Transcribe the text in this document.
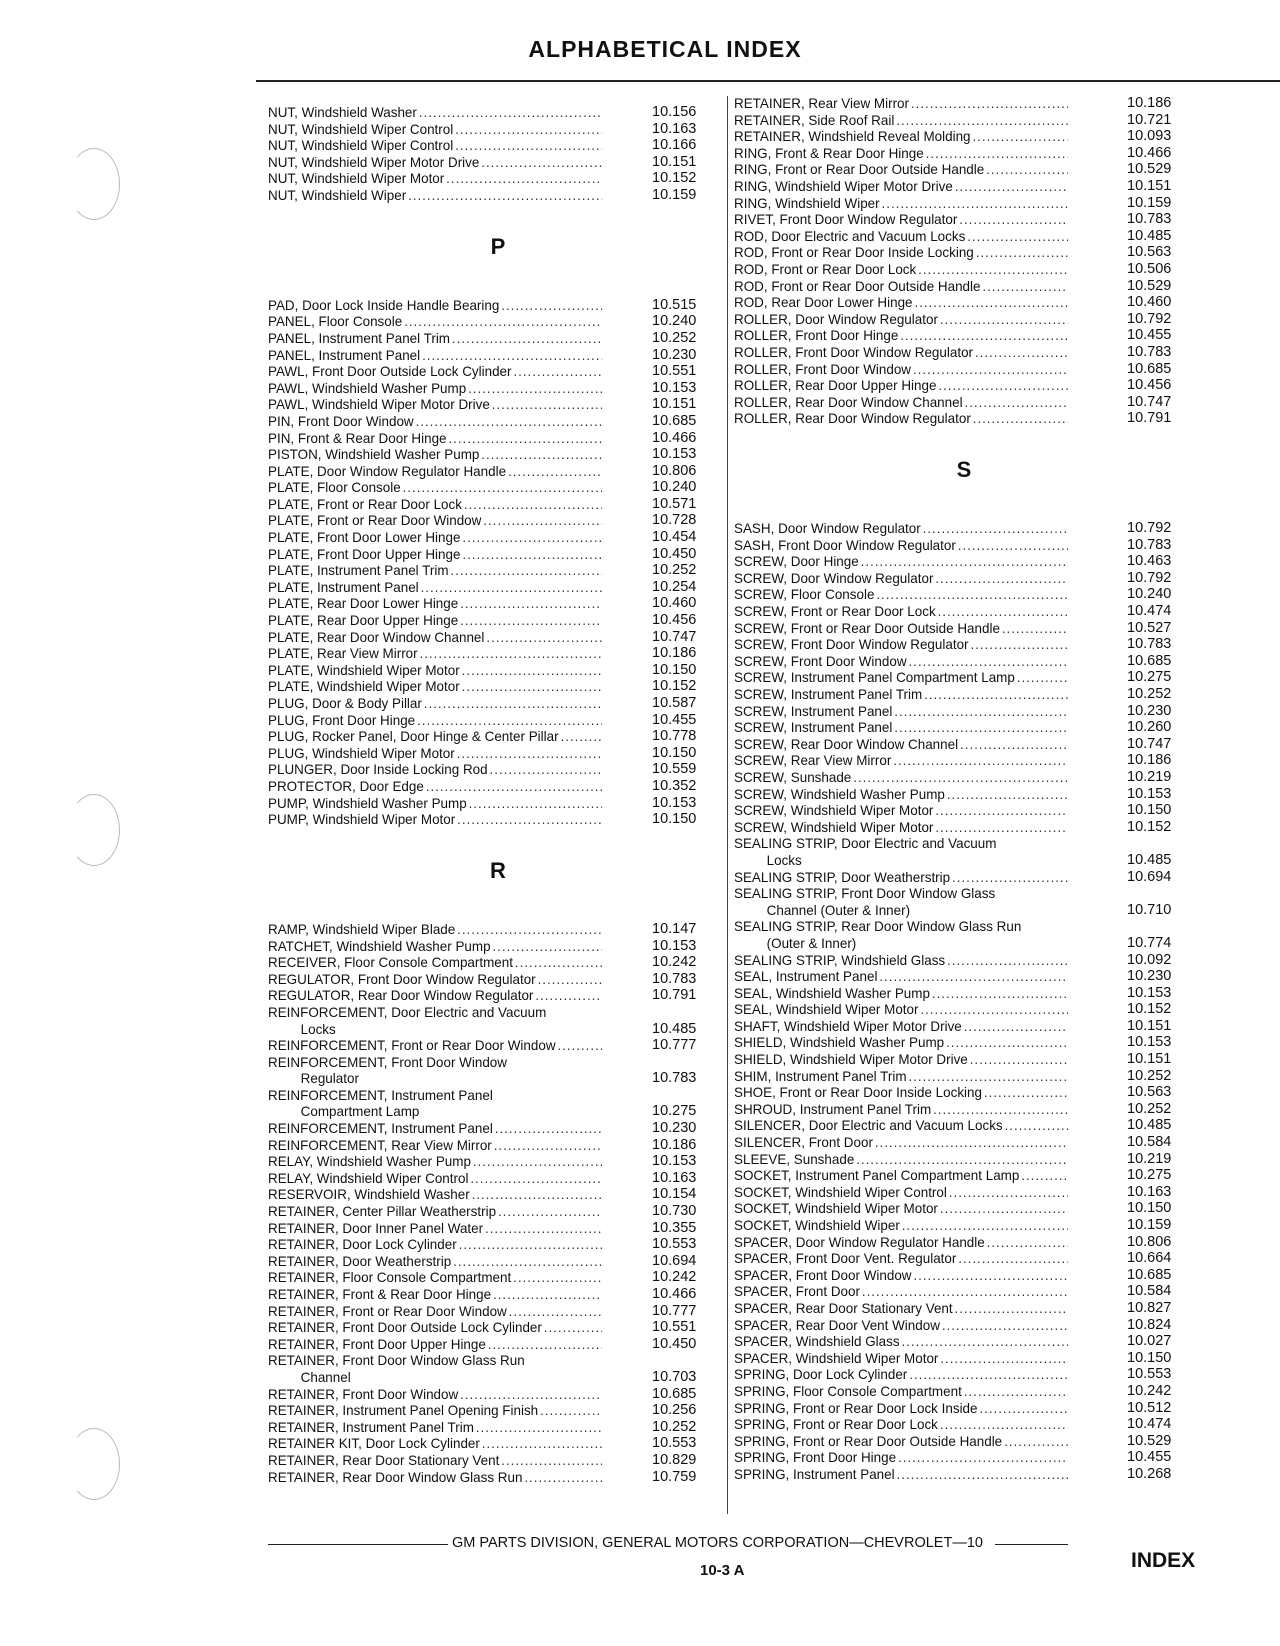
ALPHABETICAL INDEX
NUT, Windshield Washer .....	10.156
NUT, Windshield Wiper Control .....	10.163
NUT, Windshield Wiper Control .....	10.166
NUT, Windshield Wiper Motor Drive .....	10.151
NUT, Windshield Wiper Motor .....	10.152
NUT, Windshield Wiper .....	10.159
P
PAD, Door Lock Inside Handle Bearing .....	10.515
PANEL, Floor Console .....	10.240
PANEL, Instrument Panel Trim .....	10.252
PANEL, Instrument Panel .....	10.230
PAWL, Front Door Outside Lock Cylinder .....	10.551
PAWL, Windshield Washer Pump .....	10.153
PAWL, Windshield Wiper Motor Drive .....	10.151
PIN, Front Door Window .....	10.685
PIN, Front & Rear Door Hinge .....	10.466
PISTON, Windshield Washer Pump .....	10.153
PLATE, Door Window Regulator Handle .....	10.806
PLATE, Floor Console .....	10.240
PLATE, Front or Rear Door Lock .....	10.571
PLATE, Front or Rear Door Window .....	10.728
PLATE, Front Door Lower Hinge .....	10.454
PLATE, Front Door Upper Hinge .....	10.450
PLATE, Instrument Panel Trim .....	10.252
PLATE, Instrument Panel .....	10.254
PLATE, Rear Door Lower Hinge .....	10.460
PLATE, Rear Door Upper Hinge .....	10.456
PLATE, Rear Door Window Channel .....	10.747
PLATE, Rear View Mirror .....	10.186
PLATE, Windshield Wiper Motor .....	10.150
PLATE, Windshield Wiper Motor .....	10.152
PLUG, Door & Body Pillar .....	10.587
PLUG, Front Door Hinge .....	10.455
PLUG, Rocker Panel, Door Hinge & Center Pillar .....	10.778
PLUG, Windshield Wiper Motor .....	10.150
PLUNGER, Door Inside Locking Rod .....	10.559
PROTECTOR, Door Edge .....	10.352
PUMP, Windshield Washer Pump .....	10.153
PUMP, Windshield Wiper Motor .....	10.150
R
RAMP, Windshield Wiper Blade .....	10.147
RATCHET, Windshield Washer Pump .....	10.153
RECEIVER, Floor Console Compartment .....	10.242
REGULATOR, Front Door Window Regulator .....	10.783
REGULATOR, Rear Door Window Regulator .....	10.791
REINFORCEMENT, Door Electric and Vacuum
Locks
.....	10.485
REINFORCEMENT, Front or Rear Door Window .....	10.777
REINFORCEMENT, Front Door Window
Regulator
.....	10.783
REINFORCEMENT, Instrument Panel
Compartment Lamp
.....	10.275
REINFORCEMENT, Instrument Panel .....	10.230
REINFORCEMENT, Rear View Mirror .....	10.186
RELAY, Windshield Washer Pump .....	10.153
RELAY, Windshield Wiper Control .....	10.163
RESERVOIR, Windshield Washer .....	10.154
RETAINER, Center Pillar Weatherstrip .....	10.730
RETAINER, Door Inner Panel Water .....	10.355
RETAINER, Door Lock Cylinder .....	10.553
RETAINER, Door Weatherstrip .....	10.694
RETAINER, Floor Console Compartment .....	10.242
RETAINER, Front & Rear Door Hinge .....	10.466
RETAINER, Front or Rear Door Window .....	10.777
RETAINER, Front Door Outside Lock Cylinder .....	10.551
RETAINER, Front Door Upper Hinge .....	10.450
RETAINER, Front Door Window Glass Run
Channel
.....	10.703
RETAINER, Front Door Window .....	10.685
RETAINER, Instrument Panel Opening Finish .....	10.256
RETAINER, Instrument Panel Trim .....	10.252
RETAINER KIT, Door Lock Cylinder .....	10.553
RETAINER, Rear Door Stationary Vent .....	10.829
RETAINER, Rear Door Window Glass Run .....	10.759
RETAINER, Rear View Mirror .....	10.186
RETAINER, Side Roof Rail .....	10.721
RETAINER, Windshield Reveal Molding .....	10.093
RING, Front & Rear Door Hinge .....	10.466
RING, Front or Rear Door Outside Handle .....	10.529
RING, Windshield Wiper Motor Drive .....	10.151
RING, Windshield Wiper .....	10.159
RIVET, Front Door Window Regulator .....	10.783
ROD, Door Electric and Vacuum Locks .....	10.485
ROD, Front or Rear Door Inside Locking .....	10.563
ROD, Front or Rear Door Lock .....	10.506
ROD, Front or Rear Door Outside Handle .....	10.529
ROD, Rear Door Lower Hinge .....	10.460
ROLLER, Door Window Regulator .....	10.792
ROLLER, Front Door Hinge .....	10.455
ROLLER, Front Door Window Regulator .....	10.783
ROLLER, Front Door Window .....	10.685
ROLLER, Rear Door Upper Hinge .....	10.456
ROLLER, Rear Door Window Channel .....	10.747
ROLLER, Rear Door Window Regulator .....	10.791
S
SASH, Door Window Regulator .....	10.792
SASH, Front Door Window Regulator .....	10.783
SCREW, Door Hinge .....	10.463
SCREW, Door Window Regulator .....	10.792
SCREW, Floor Console .....	10.240
SCREW, Front or Rear Door Lock .....	10.474
SCREW, Front or Rear Door Outside Handle .....	10.527
SCREW, Front Door Window Regulator .....	10.783
SCREW, Front Door Window .....	10.685
SCREW, Instrument Panel Compartment Lamp .....	10.275
SCREW, Instrument Panel Trim .....	10.252
SCREW, Instrument Panel .....	10.230
SCREW, Instrument Panel .....	10.260
SCREW, Rear Door Window Channel .....	10.747
SCREW, Rear View Mirror .....	10.186
SCREW, Sunshade .....	10.219
SCREW, Windshield Washer Pump .....	10.153
SCREW, Windshield Wiper Motor .....	10.150
SCREW, Windshield Wiper Motor .....	10.152
SEALING STRIP, Door Electric and Vacuum
Locks
.....	10.485
SEALING STRIP, Door Weatherstrip .....	10.694
SEALING STRIP, Front Door Window Glass
Channel (Outer & Inner)
.....	10.710
SEALING STRIP, Rear Door Window Glass Run
(Outer & Inner)
.....	10.774
SEALING STRIP, Windshield Glass .....	10.092
SEAL, Instrument Panel .....	10.230
SEAL, Windshield Washer Pump .....	10.153
SEAL, Windshield Wiper Motor .....	10.152
SHAFT, Windshield Wiper Motor Drive .....	10.151
SHIELD, Windshield Washer Pump .....	10.153
SHIELD, Windshield Wiper Motor Drive .....	10.151
SHIM, Instrument Panel Trim .....	10.252
SHOE, Front or Rear Door Inside Locking .....	10.563
SHROUD, Instrument Panel Trim .....	10.252
SILENCER, Door Electric and Vacuum Locks .....	10.485
SILENCER, Front Door .....	10.584
SLEEVE, Sunshade .....	10.219
SOCKET, Instrument Panel Compartment Lamp .....	10.275
SOCKET, Windshield Wiper Control .....	10.163
SOCKET, Windshield Wiper Motor .....	10.150
SOCKET, Windshield Wiper .....	10.159
SPACER, Door Window Regulator Handle .....	10.806
SPACER, Front Door Vent. Regulator .....	10.664
SPACER, Front Door Window .....	10.685
SPACER, Front Door .....	10.584
SPACER, Rear Door Stationary Vent .....	10.827
SPACER, Rear Door Vent Window .....	10.824
SPACER, Windshield Glass .....	10.027
SPACER, Windshield Wiper Motor .....	10.150
SPRING, Door Lock Cylinder .....	10.553
SPRING, Floor Console Compartment .....	10.242
SPRING, Front or Rear Door Lock Inside .....	10.512
SPRING, Front or Rear Door Lock .....	10.474
SPRING, Front or Rear Door Outside Handle .....	10.529
SPRING, Front Door Hinge .....	10.455
SPRING, Instrument Panel .....	10.268
GM PARTS DIVISION, GENERAL MOTORS CORPORATION—CHEVROLET—10
10-3 A	INDEX
